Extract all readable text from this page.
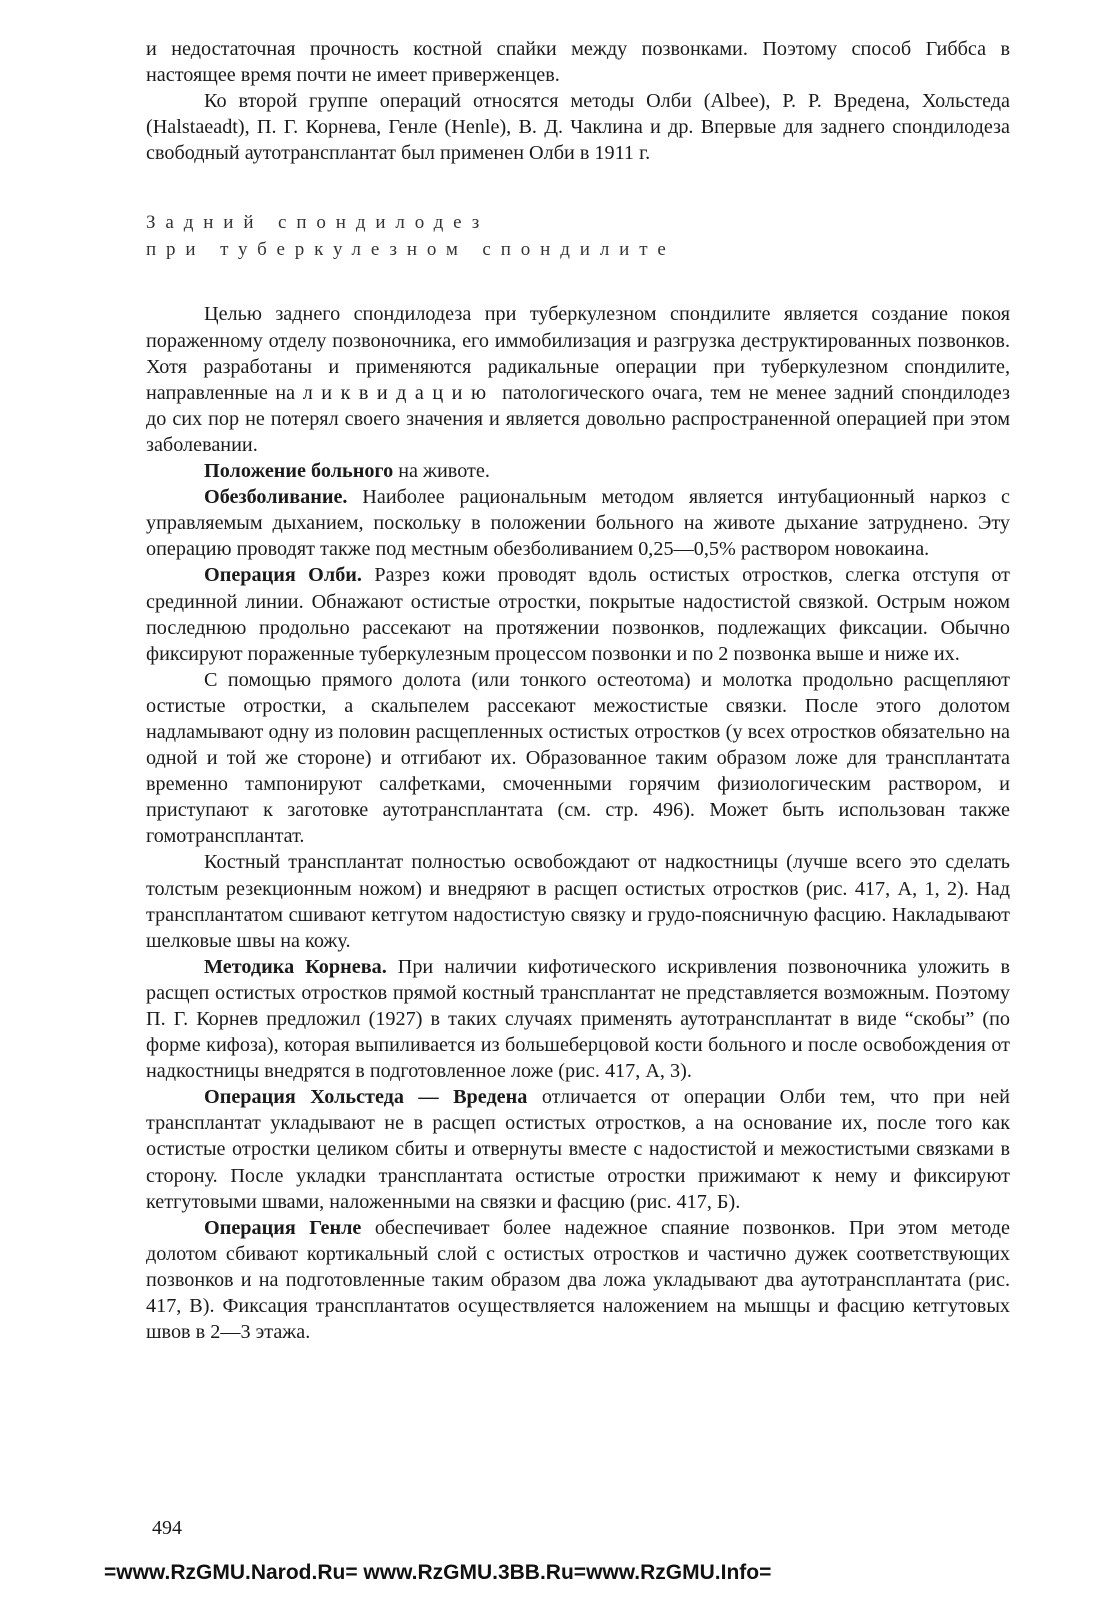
и недостаточная прочность костной спайки между позвонками. Поэтому способ Гиббса в настоящее время почти не имеет приверженцев.

Ко второй группе операций относятся методы Олби (Albee), Р. Р. Вредена, Хольстеда (Halstaeadt), П. Г. Корнева, Генле (Henle), В. Д. Чаклина и др. Впервые для заднего спондилодеза свободный аутотрансплантат был применен Олби в 1911 г.

Задний спондилодез
при туберкулезном спондилите

Целью заднего спондилодеза при туберкулезном спондилите является создание покоя пораженному отделу позвоночника, его иммобилизация и разгрузка деструктированных позвонков. Хотя разработаны и применяются радикальные операции при туберкулезном спондилите, направленные на ликвидацию патологического очага, тем не менее задний спондилодез до сих пор не потерял своего значения и является довольно распространенной операцией при этом заболевании.

Положение больного на животе.

Обезболивание. Наиболее рациональным методом является интубационный наркоз с управляемым дыханием, поскольку в положении больного на животе дыхание затруднено. Эту операцию проводят также под местным обезболиванием 0,25—0,5% раствором новокаина.

Операция Олби. Разрез кожи проводят вдоль остистых отростков, слегка отступя от срединной линии. Обнажают остистые отростки, покрытые надостистой связкой. Острым ножом последнюю продольно рассекают на протяжении позвонков, подлежащих фиксации. Обычно фиксируют пораженные туберкулезным процессом позвонки и по 2 позвонка выше и ниже их.

С помощью прямого долота (или тонкого остеотома) и молотка продольно расщепляют остистые отростки, а скальпелем рассекают межостистые связки. После этого долотом надламывают одну из половин расщепленных остистых отростков (у всех отростков обязательно на одной и той же стороне) и отгибают их. Образованное таким образом ложе для трансплантата временно тампонируют салфетками, смоченными горячим физиологическим раствором, и приступают к заготовке аутотрансплантата (см. стр. 496). Может быть использован также гомотрансплантат.

Костный трансплантат полностью освобождают от надкостницы (лучше всего это сделать толстым резекционным ножом) и внедряют в расщеп остистых отростков (рис. 417, А, 1, 2). Над трансплантатом сшивают кетгутом надостистую связку и грудо-поясничную фасцию. Накладывают шелковые швы на кожу.

Методика Корнева. При наличии кифотического искривления позвоночника уложить в расщеп остистых отростков прямой костный трансплантат не представляется возможным. Поэтому П. Г. Корнев предложил (1927) в таких случаях применять аутотрансплантат в виде “скобы” (по форме кифоза), которая выпиливается из большеберцовой кости больного и после освобождения от надкостницы внедрятся в подготовленное ложе (рис. 417, А, 3).

Операция Хольстеда — Вредена отличается от операции Олби тем, что при ней трансплантат укладывают не в расщеп остистых отростков, а на основание их, после того как остистые отростки целиком сбиты и отвернуты вместе с надостистой и межостистыми связками в сторону. После укладки трансплантата остистые отростки прижимают к нему и фиксируют кетгутовыми швами, наложенными на связки и фасцию (рис. 417, Б).

Операция Генле обеспечивает более надежное спаяние позвонков. При этом методе долотом сбивают кортикальный слой с остистых отростков и частично дужек соответствующих позвонков и на подготовленные таким образом два ложа укладывают два аутотрансплантата (рис. 417, В). Фиксация трансплантатов осуществляется наложением на мышцы и фасцию кетгутовых швов в 2—3 этажа.

494
=www.RzGMU.Narod.Ru= www.RzGMU.3BB.Ru=www.RzGMU.Info=
